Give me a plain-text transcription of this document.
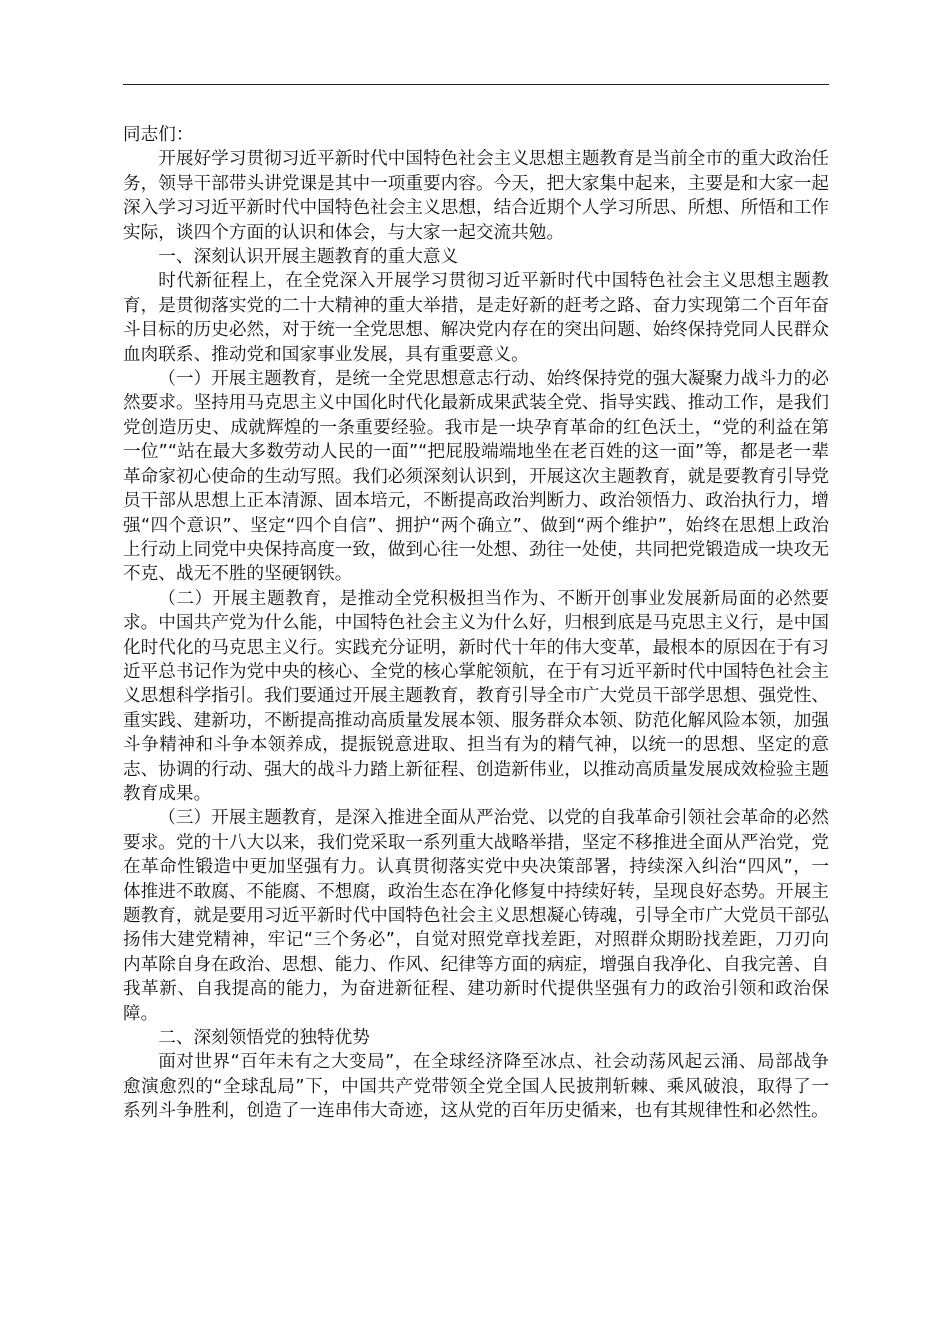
同志们：

开展好学习贯彻习近平新时代中国特色社会主义思想主题教育是当前全市的重大政治任务，领导干部带头讲党课是其中一项重要内容。今天，把大家集中起来，主要是和大家一起深入学习习近平新时代中国特色社会主义思想，结合近期个人学习所思、所想、所悟和工作实际，谈四个方面的认识和体会，与大家一起交流共勉。

一、深刻认识开展主题教育的重大意义

时代新征程上，在全党深入开展学习贯彻习近平新时代中国特色社会主义思想主题教育，是贯彻落实党的二十大精神的重大举措，是走好新的赶考之路、奋力实现第二个百年奋斗目标的历史必然，对于统一全党思想、解决党内存在的突出问题、始终保持党同人民群众血肉联系、推动党和国家事业发展，具有重要意义。

（一）开展主题教育，是统一全党思想意志行动、始终保持党的强大凝聚力战斗力的必然要求。坚持用马克思主义中国化时代化最新成果武装全党、指导实践、推动工作，是我们党创造历史、成就辉煌的一条重要经验。我市是一块孕育革命的红色沃土，“党的利益在第一位”“站在最大多数劳动人民的一面”“把屁股端端地坐在老百姓的这一面”等，都是老一辈革命家初心使命的生动写照。我们必须深刻认识到，开展这次主题教育，就是要教育引导党员干部从思想上正本清源、固本培元，不断提高政治判断力、政治领悟力、政治执行力，增强“四个意识”、坚定“四个自信”、拥护“两个确立”、做到“两个维护”，始终在思想上政治上行动上同党中央保持高度一致，做到心往一处想、劲往一处使，共同把党锻造成一块攻无不克、战无不胜的坚硬钢铁。

（二）开展主题教育，是推动全党积极担当作为、不断开创事业发展新局面的必然要求。中国共产党为什么能，中国特色社会主义为什么好，归根到底是马克思主义行，是中国化时代化的马克思主义行。实践充分证明，新时代十年的伟大变革，最根本的原因在于有习近平总书记作为党中央的核心、全党的核心掌舵领航，在于有习近平新时代中国特色社会主义思想科学指引。我们要通过开展主题教育，教育引导全市广大党员干部学思想、强党性、重实践、建新功，不断提高推动高质量发展本领、服务群众本领、防范化解风险本领，加强斗争精神和斗争本领养成，提振锐意进取、担当有为的精气神，以统一的思想、坚定的意志、协调的行动、强大的战斗力踏上新征程、创造新伟业，以推动高质量发展成效检验主题教育成果。

（三）开展主题教育，是深入推进全面从严治党、以党的自我革命引领社会革命的必然要求。党的十八大以来，我们党采取一系列重大战略举措，坚定不移推进全面从严治党，党在革命性锻造中更加坚强有力。认真贯彻落实党中央决策部署，持续深入纠治“四风”，一体推进不敢腐、不能腐、不想腐，政治生态在净化修复中持续好转，呈现良好态势。开展主题教育，就是要用习近平新时代中国特色社会主义思想凝心铸魂，引导全市广大党员干部弘扬伟大建党精神，牢记“三个务必”，自觉对照党章找差距，对照群众期盼找差距，刀刃向内革除自身在政治、思想、能力、作风、纪律等方面的病症，增强自我净化、自我完善、自我革新、自我提高的能力，为奋进新征程、建功新时代提供坚强有力的政治引领和政治保障。

二、深刻领悟党的独特优势

面对世界“百年未有之大变局”，在全球经济降至冰点、社会动荡风起云涌、局部战争愈演愈烈的“全球乱局”下，中国共产党带领全党全国人民披荆斩棘、乘风破浪，取得了一系列斗争胜利，创造了一连串伟大奇迹，这从党的百年历史循来，也有其规律性和必然性。
